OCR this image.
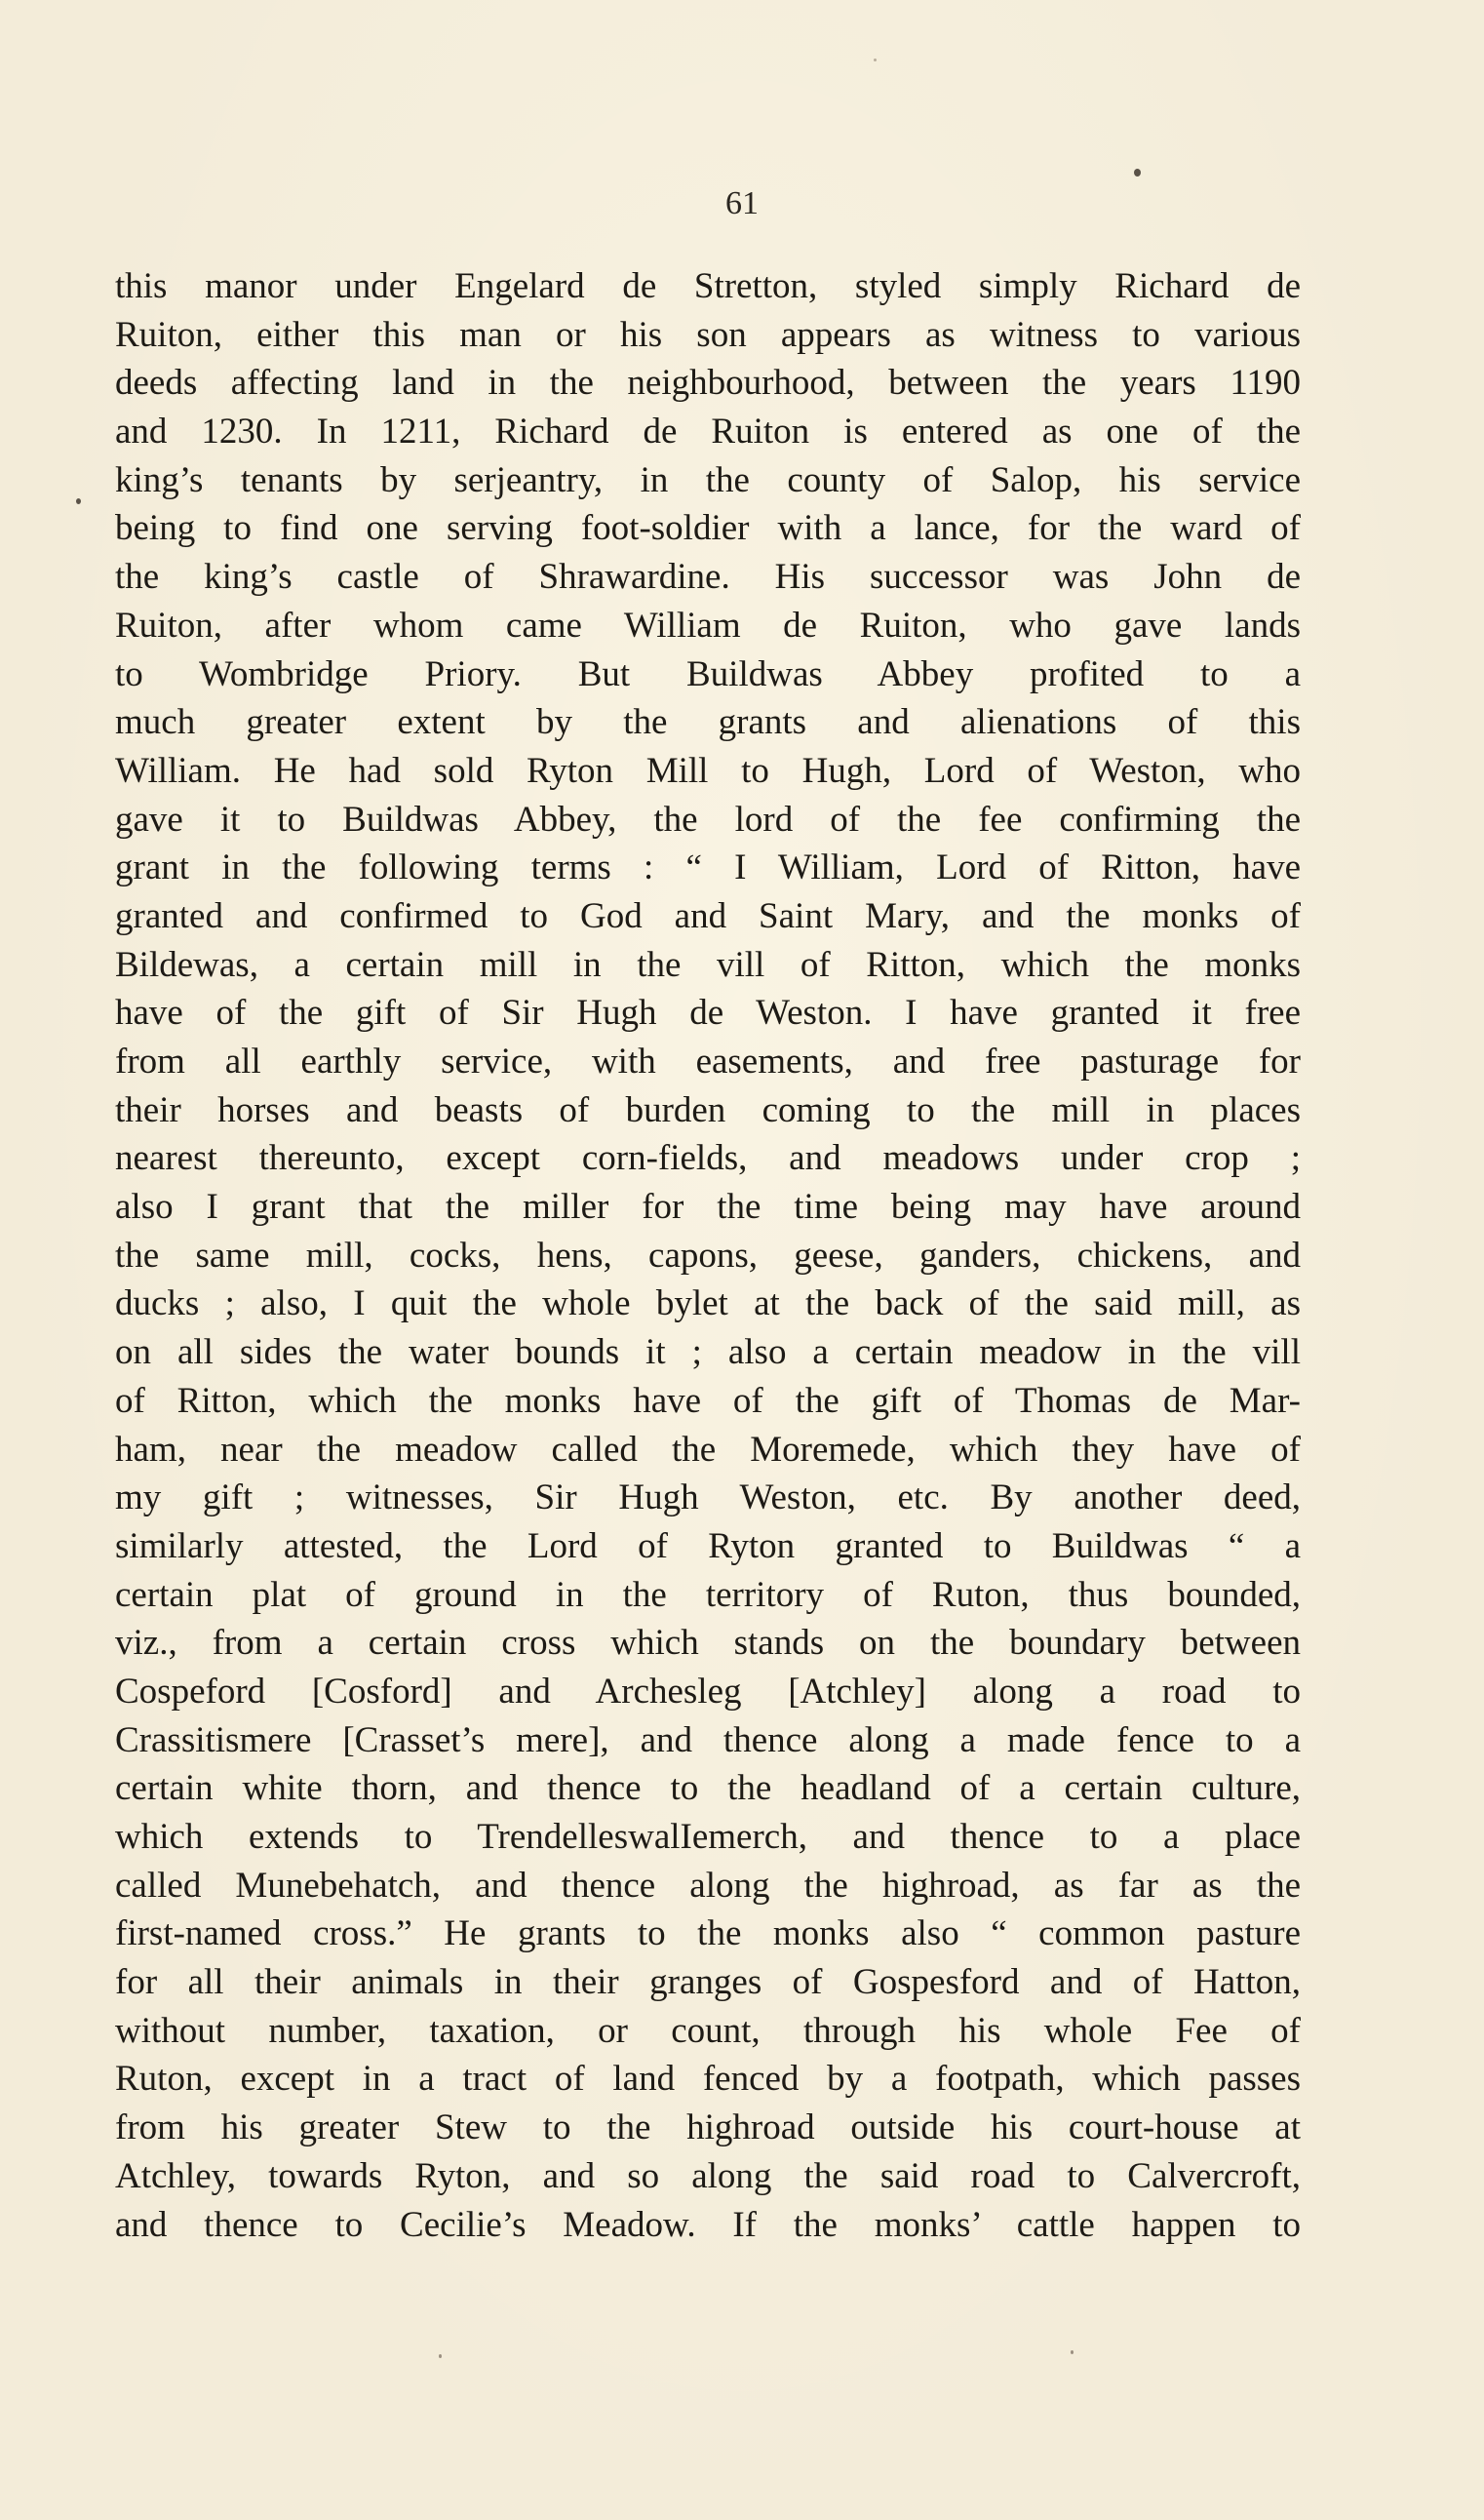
61
this manor under Engelard de Stretton, styled simply Richard de
Ruiton, either this man or his son appears as witness to various
deeds affecting land in the neighbourhood, between the years 1190
and 1230. In 1211, Richard de Ruiton is entered as one of the
king’s tenants by serjeantry, in the county of Salop, his service
being to find one serving foot-soldier with a lance, for the ward of
the king’s castle of Shrawardine. His successor was John de
Ruiton, after whom came William de Ruiton, who gave lands
to Wombridge Priory. But Buildwas Abbey profited to a
much greater extent by the grants and alienations of this
William. He had sold Ryton Mill to Hugh, Lord of Weston, who
gave it to Buildwas Abbey, the lord of the fee confirming the
grant in the following terms : “ I William, Lord of Ritton, have
granted and confirmed to God and Saint Mary, and the monks of
Bildewas, a certain mill in the vill of Ritton, which the monks
have of the gift of Sir Hugh de Weston. I have granted it free
from all earthly service, with easements, and free pasturage for
their horses and beasts of burden coming to the mill in places
nearest thereunto, except corn-fields, and meadows under crop ;
also I grant that the miller for the time being may have around
the same mill, cocks, hens, capons, geese, ganders, chickens, and
ducks ; also, I quit the whole bylet at the back of the said mill, as
on all sides the water bounds it ; also a certain meadow in the vill
of Ritton, which the monks have of the gift of Thomas de Mar-
ham, near the meadow called the Moremede, which they have of
my gift ; witnesses, Sir Hugh Weston, etc. By another deed,
similarly attested, the Lord of Ryton granted to Buildwas “ a
certain plat of ground in the territory of Ruton, thus bounded,
viz., from a certain cross which stands on the boundary between
Cospeford [Cosford] and Archesleg [Atchley] along a road to
Crassitismere [Crasset’s mere], and thence along a made fence to a
certain white thorn, and thence to the headland of a certain culture,
which extends to TrendelleswalIemerch, and thence to a place
called Munebehatch, and thence along the highroad, as far as the
first-named cross.” He grants to the monks also “ common pasture
for all their animals in their granges of Gospesford and of Hatton,
without number, taxation, or count, through his whole Fee of
Ruton, except in a tract of land fenced by a footpath, which passes
from his greater Stew to the highroad outside his court-house at
Atchley, towards Ryton, and so along the said road to Calvercroft,
and thence to Cecilie’s Meadow. If the monks’ cattle happen to
